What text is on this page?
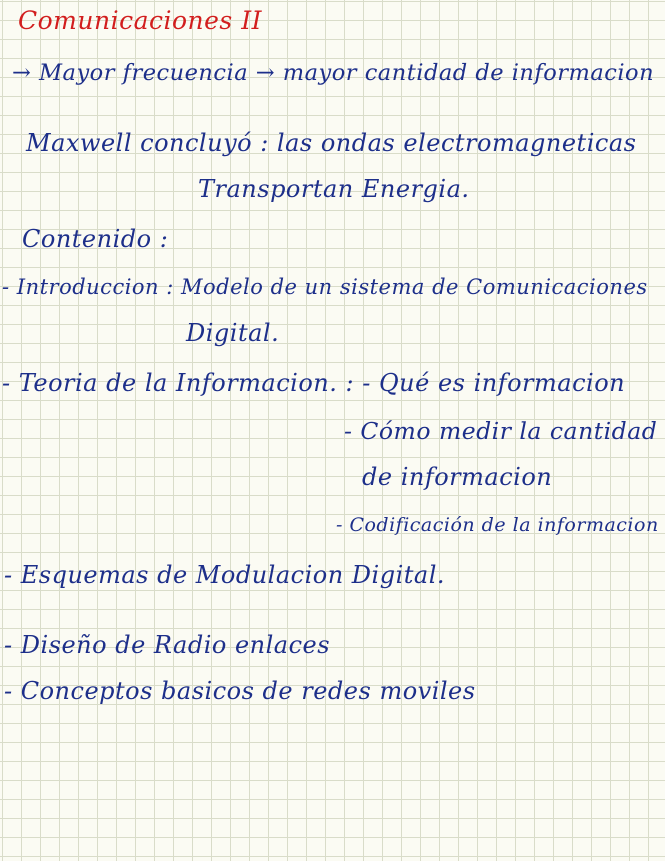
Comunicaciones II
→ Mayor frecuencia → mayor cantidad de informacion
Maxwell concluyó : las ondas electromagneticas
Transportan Energia.
Contenido :
- Introduccion : Modelo de un sistema de Comunicaciones
Digital.
- Teoria de la Informacion. : - Qué es informacion
- Cómo medir la cantidad
de informacion
- Codificación de la informacion
- Esquemas de Modulacion Digital.
- Diseño de Radio enlaces
- Conceptos basicos de redes moviles
